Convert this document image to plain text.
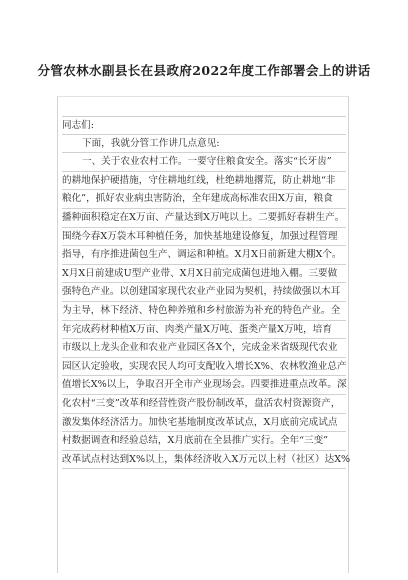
分管农林水副县长在县政府2022年度工作部署会上的讲话
同志们:
下面，我就分管工作讲几点意见:
一、关于农业农村工作。一要守住粮食安全。落实“长牙齿”
的耕地保护硬措施，守住耕地红线，杜绝耕地撂荒，防止耕地“非
粮化”，抓好农业病虫害防治，全年建成高标准农田X万亩，粮食
播种面积稳定在X万亩、产量达到X万吨以上。二要抓好春耕生产。
围绕今春X万袋木耳种植任务，加快基地建设修复，加强过程管理
指导，有序推进菌包生产、调运和种植。X月X日前新建大棚X个。
X月X日前建成U型产业带、X月X日前完成菌包进地入棚。三要做
强特色产业。以创建国家现代农业产业园为契机，持续做强以木耳
为主导，林下经济、特色种养殖和乡村旅游为补充的特色产业。全
年完成药材种植X万亩、肉类产量X万吨、蛋类产量X万吨，培育
市级以上龙头企业和农业产业园区各X个，完成金米省级现代农业
园区认定验收，实现农民人均可支配收入增长X%、农林牧渔业总产
值增长X%以上，争取召开全市产业现场会。四要推进重点改革。深
化农村“三变”改革和经营性资产股份制改革，盘活农村资源资产，
激发集体经济活力。加快宅基地制度改革试点，X月底前完成试点
村数据调查和经验总结，X月底前在全县推广实行。全年“三变”
改革试点村达到X%以上，集体经济收入X万元以上村（社区）达X%
